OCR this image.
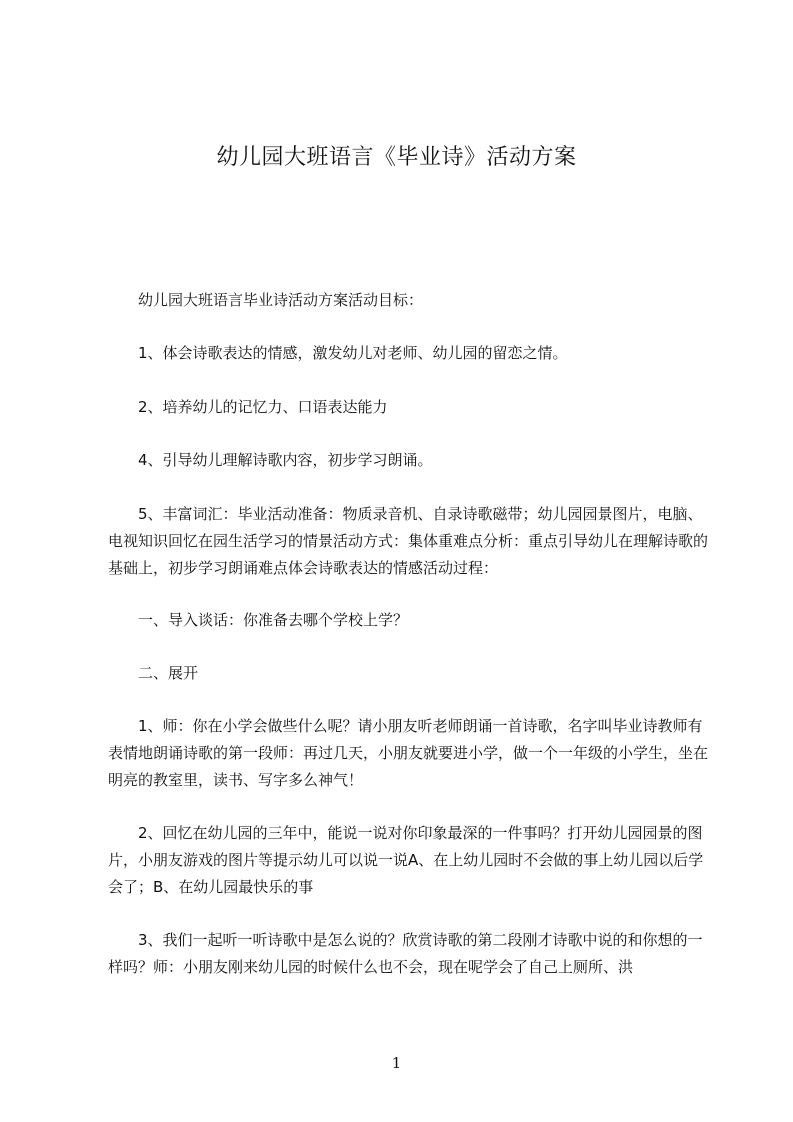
幼儿园大班语言《毕业诗》活动方案

幼儿园大班语言毕业诗活动方案活动目标：

1、体会诗歌表达的情感，激发幼儿对老师、幼儿园的留恋之情。

2、培养幼儿的记忆力、口语表达能力

4、引导幼儿理解诗歌内容，初步学习朗诵。

5、丰富词汇：毕业活动准备：物质录音机、自录诗歌磁带；幼儿园园景图片，电脑、电视知识回忆在园生活学习的情景活动方式：集体重难点分析：重点引导幼儿在理解诗歌的基础上，初步学习朗诵难点体会诗歌表达的情感活动过程：

一、导入谈话：你准备去哪个学校上学？

二、展开

1、师：你在小学会做些什么呢？请小朋友听老师朗诵一首诗歌，名字叫毕业诗教师有表情地朗诵诗歌的第一段师：再过几天，小朋友就要进小学，做一个一年级的小学生，坐在明亮的教室里，读书、写字多么神气！

2、回忆在幼儿园的三年中，能说一说对你印象最深的一件事吗？打开幼儿园园景的图片，小朋友游戏的图片等提示幼儿可以说一说A、在上幼儿园时不会做的事上幼儿园以后学会了；B、在幼儿园最快乐的事

3、我们一起听一听诗歌中是怎么说的？欣赏诗歌的第二段刚才诗歌中说的和你想的一样吗？师：小朋友刚来幼儿园的时候什么也不会，现在呢学会了自己上厕所、洪

1
